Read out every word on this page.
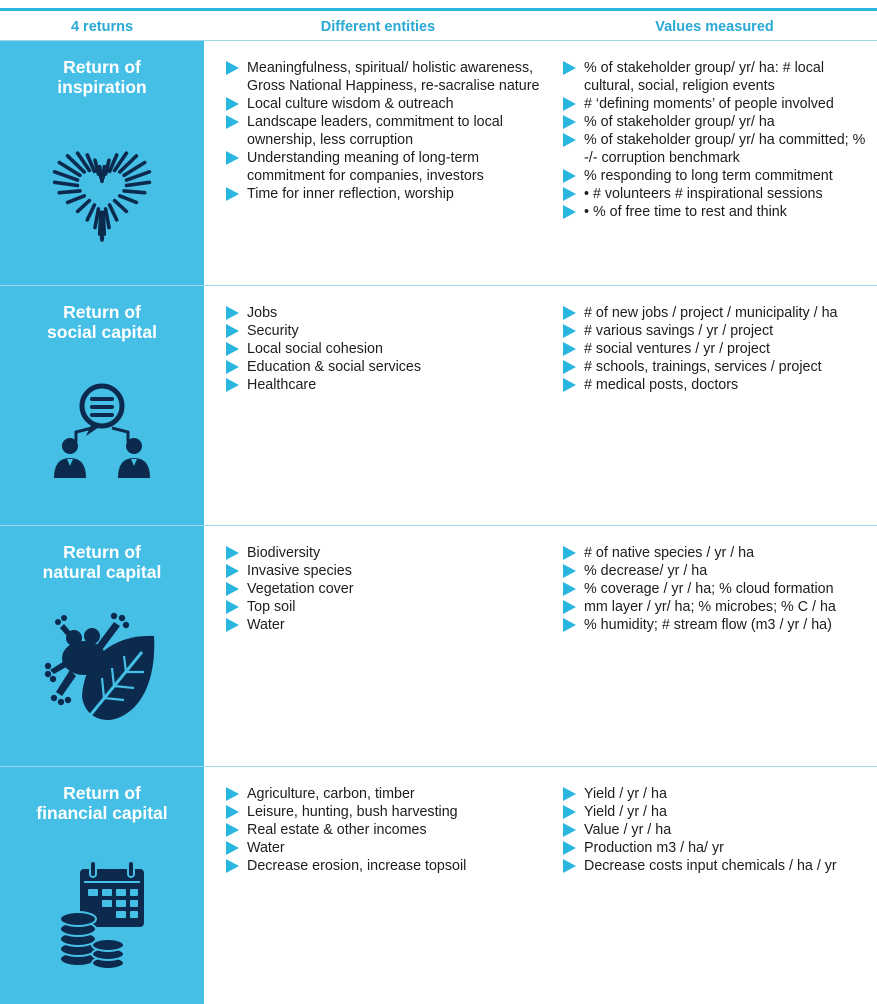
4 returns	Different entities	Values measured
Return of
inspiration
Meaningfulness, spiritual/ holistic awareness, Gross National Happiness, re-sacralise nature
Local culture wisdom & outreach
Landscape leaders, commitment to local ownership, less corruption
Understanding meaning of long-term commitment for companies, investors
Time for inner reflection, worship
% of stakeholder group/ yr/ ha: # local cultural, social, religion events
# ‘defining moments’ of people involved
% of stakeholder group/ yr/ ha
% of stakeholder group/ yr/ ha committed; % -/- corruption benchmark
% responding to long term commitment
• # volunteers # inspirational sessions
• % of free time to rest and think
Return of
social capital
Jobs
Security
Local social cohesion
Education & social services
Healthcare
# of new jobs / project / municipality / ha
# various savings / yr / project
# social ventures / yr / project
# schools, trainings, services / project
# medical posts, doctors
Return of
natural capital
Biodiversity
Invasive species
Vegetation cover
Top soil
Water
# of native species / yr / ha
% decrease/ yr / ha
% coverage / yr / ha; % cloud formation
mm layer / yr/ ha; % microbes; % C / ha
% humidity; # stream flow (m3 / yr / ha)
Return of
financial capital
Agriculture, carbon, timber
Leisure, hunting, bush harvesting
Real estate & other incomes
Water
Decrease erosion, increase topsoil
Yield / yr / ha
Yield / yr / ha
Value / yr / ha
Production m3 / ha/ yr
Decrease costs input chemicals / ha / yr
